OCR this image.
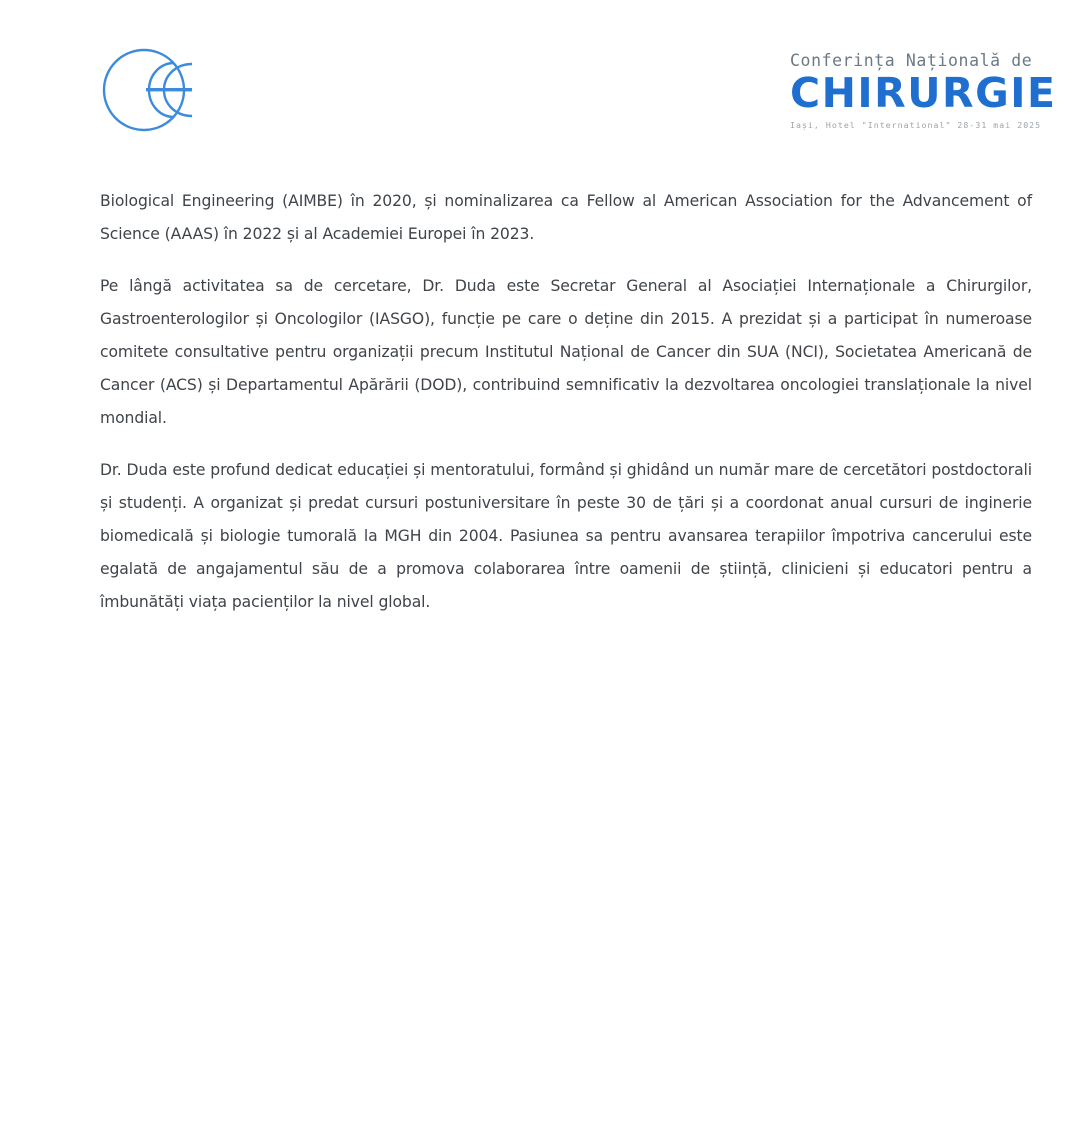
Conferința Națională de
CHIRURGIE
Iași, Hotel "International" 28-31 mai 2025

Biological Engineering (AIMBE) în 2020, și nominalizarea ca Fellow al American Association for the Advancement of Science (AAAS) în 2022 și al Academiei Europei în 2023.

Pe lângă activitatea sa de cercetare, Dr. Duda este Secretar General al Asociației Internaționale a Chirurgilor, Gastroenterologilor și Oncologilor (IASGO), funcție pe care o deține din 2015. A prezidat și a participat în numeroase comitete consultative pentru organizații precum Institutul Național de Cancer din SUA (NCI), Societatea Americană de Cancer (ACS) și Departamentul Apărării (DOD), contribuind semnificativ la dezvoltarea oncologiei translaționale la nivel mondial.

Dr. Duda este profund dedicat educației și mentoratului, formând și ghidând un număr mare de cercetători postdoctorali și studenți. A organizat și predat cursuri postuniversitare în peste 30 de țări și a coordonat anual cursuri de inginerie biomedicală și biologie tumorală la MGH din 2004. Pasiunea sa pentru avansarea terapiilor împotriva cancerului este egalată de angajamentul său de a promova colaborarea între oamenii de știință, clinicieni și educatori pentru a îmbunătăți viața pacienților la nivel global.
